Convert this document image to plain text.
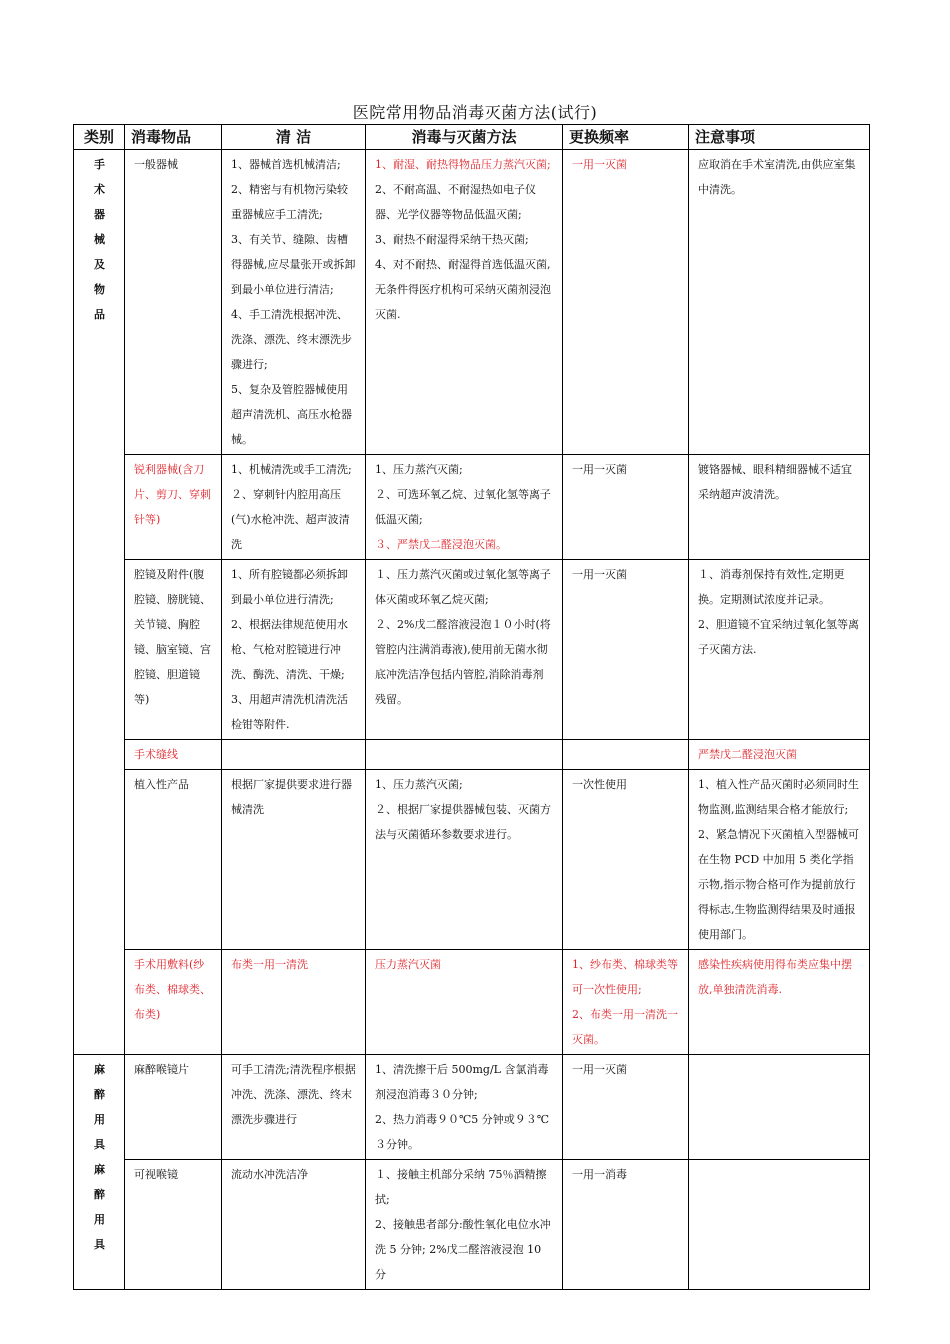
医院常用物品消毒灭菌方法(试行)
类别	消毒物品	清 洁	消毒与灭菌方法	更换频率	注意事项

手术器械及物品	一般器械	1、器械首选机械清洁;
2、精密与有机物污染较重器械应手工清洗;
3、有关节、缝隙、齿槽得器械,应尽量张开或拆卸到最小单位进行清洁;
4、手工清洗根据冲洗、洗涤、漂洗、终末漂洗步骤进行;
5、复杂及管腔器械使用超声清洗机、高压水枪器械。	1、耐湿、耐热得物品压力蒸汽灭菌;
2、不耐高温、不耐湿热如电子仪器、光学仪器等物品低温灭菌;
3、耐热不耐湿得采纳干热灭菌;
4、对不耐热、耐湿得首选低温灭菌,无条件得医疗机构可采纳灭菌剂浸泡灭菌.	一用一灭菌	应取消在手术室清洗,由供应室集中清洗。

	锐利器械(含刀片、剪刀、穿刺针等)	1、机械清洗或手工清洗;
２、穿刺针内腔用高压(气)水枪冲洗、超声波清洗	1、压力蒸汽灭菌;
２、可选环氧乙烷、过氧化氢等离子低温灭菌;
３、严禁戊二醛浸泡灭菌。	一用一灭菌	镀铬器械、眼科精细器械不适宜采纳超声波清洗。

	腔镜及附件(腹腔镜、膀胱镜、关节镜、胸腔镜、脑室镜、宫腔镜、胆道镜等)	1、所有腔镜都必须拆卸到最小单位进行清洗;
2、根据法律规范使用水枪、气枪对腔镜进行冲洗、酶洗、清洗、干燥;
3、用超声清洗机清洗活检钳等附件.	１、压力蒸汽灭菌或过氧化氢等离子体灭菌或环氧乙烷灭菌;
２、2%戊二醛溶液浸泡１０小时(将管腔内注满消毒液),使用前无菌水彻底冲洗洁净包括内管腔,消除消毒剂残留。	一用一灭菌	１、消毒剂保持有效性,定期更换。定期测试浓度并记录。
2、胆道镜不宜采纳过氧化氢等离子灭菌方法.

	手术缝线				严禁戊二醛浸泡灭菌

	植入性产品	根据厂家提供要求进行器械清洗	1、压力蒸汽灭菌;
２、根据厂家提供器械包装、灭菌方法与灭菌循环参数要求进行。	一次性使用	1、植入性产品灭菌时必须同时生物监测,监测结果合格才能放行;
2、紧急情况下灭菌植入型器械可在生物 PCD 中加用 5 类化学指示物,指示物合格可作为提前放行得标志,生物监测得结果及时通报使用部门。

	手术用敷料(纱布类、棉球类、布类)	布类一用一清洗	压力蒸汽灭菌	1、纱布类、棉球类等可一次性使用;
2、布类一用一清洗一灭菌。	感染性疾病使用得布类应集中摆放,单独清洗消毒.

麻醉用具麻醉用具	麻醉喉镜片	可手工清洗;清洗程序根据冲洗、洗涤、漂洗、终末漂洗步骤进行	1、清洗擦干后 500mg/L 含氯消毒剂浸泡消毒３０分钟;
2、热力消毒９０℃5 分钟或９３℃３分钟。	一用一灭菌	

	可视喉镜	流动水冲洗洁净	１、接触主机部分采纳 75％酒精擦拭;
2、接触患者部分:酸性氧化电位水冲洗 5 分钟; 2%戊二醛溶液浸泡 10 分	一用一消毒	
